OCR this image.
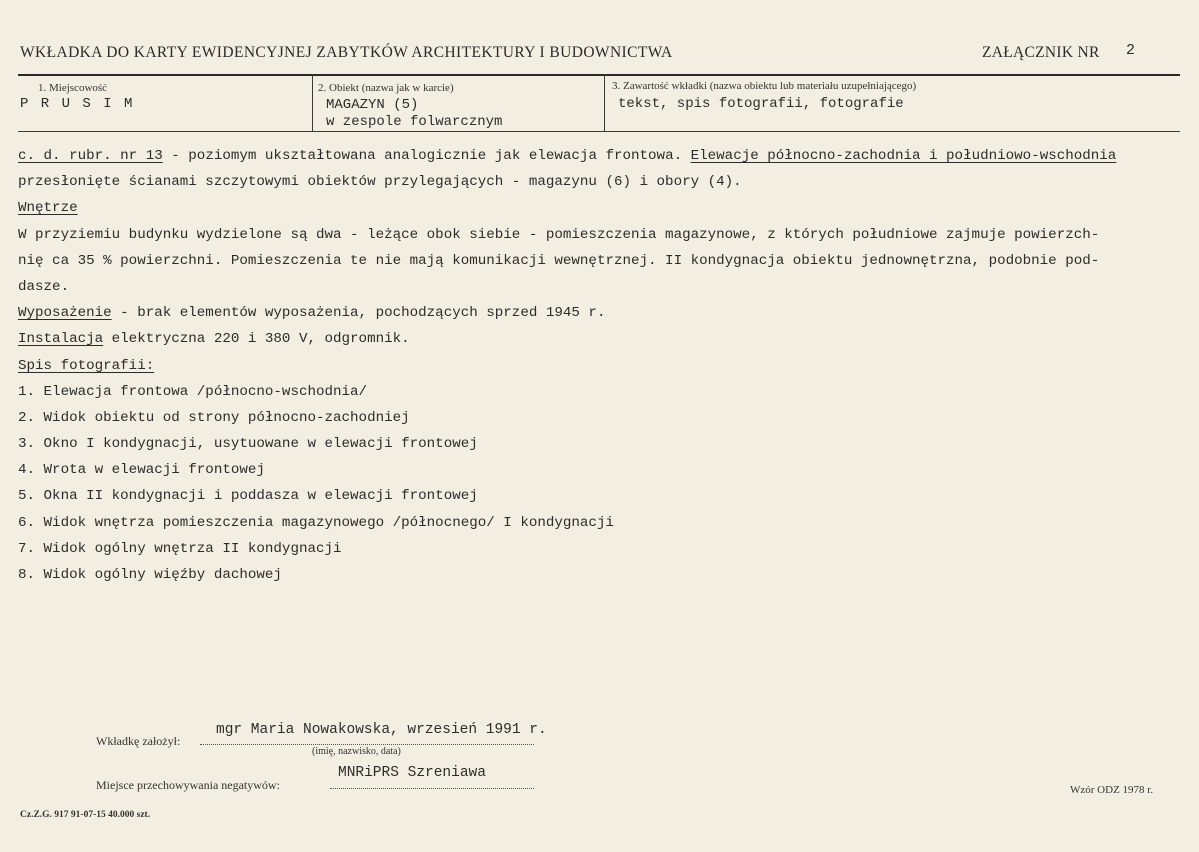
WKŁADKA DO KARTY EWIDENCYJNEJ ZABYTKÓW ARCHITEKTURY I BUDOWNICTWA	ZAŁĄCZNIK NR 2
1. Miejscowość
P R U S I M
2. Obiekt (nazwa jak w karcie)
MAGAZYN (5)
w zespole folwarcznym
3. Zawartość wkładki (nazwa obiektu lub materiału uzupełniającego)
tekst, spis fotografii, fotografie
c. d. rubr. nr 13 - poziomym ukształtowana analogicznie jak elewacja frontowa. Elewacje północno-zachodnia i południowo-wschodnia
przesłonięte ścianami szczytowymi obiektów przylegających - magazynu (6) i obory (4).
Wnętrze
W przyziemiu budynku wydzielone są dwa - leżące obok siebie - pomieszczenia magazynowe, z których południowe zajmuje powierzch-
nię ca 35 % powierzchni. Pomieszczenia te nie mają komunikacji wewnętrznej. II kondygnacja obiektu jednownętrzna, podobnie pod-
dasze.
Wyposażenie - brak elementów wyposażenia, pochodzących sprzed 1945 r.
Instalacja elektryczna 220 i 380 V, odgromnik.
Spis fotografii:
1. Elewacja frontowa /północno-wschodnia/
2. Widok obiektu od strony północno-zachodniej
3. Okno I kondygnacji, usytuowane w elewacji frontowej
4. Wrota w elewacji frontowej
5. Okna II kondygnacji i poddasza w elewacji frontowej
6. Widok wnętrza pomieszczenia magazynowego /północnego/ I kondygnacji
7. Widok ogólny wnętrza II kondygnacji
8. Widok ogólny więźby dachowej
Wkładkę założył:
mgr Maria Nowakowska, wrzesień 1991 r.
(imię, nazwisko, data)
Miejsce przechowywania negatywów:
MNRiPRS Szreniawa
Cz.Z.G. 917 91-07-15 40.000 szt.
Wzór ODZ 1978 r.
